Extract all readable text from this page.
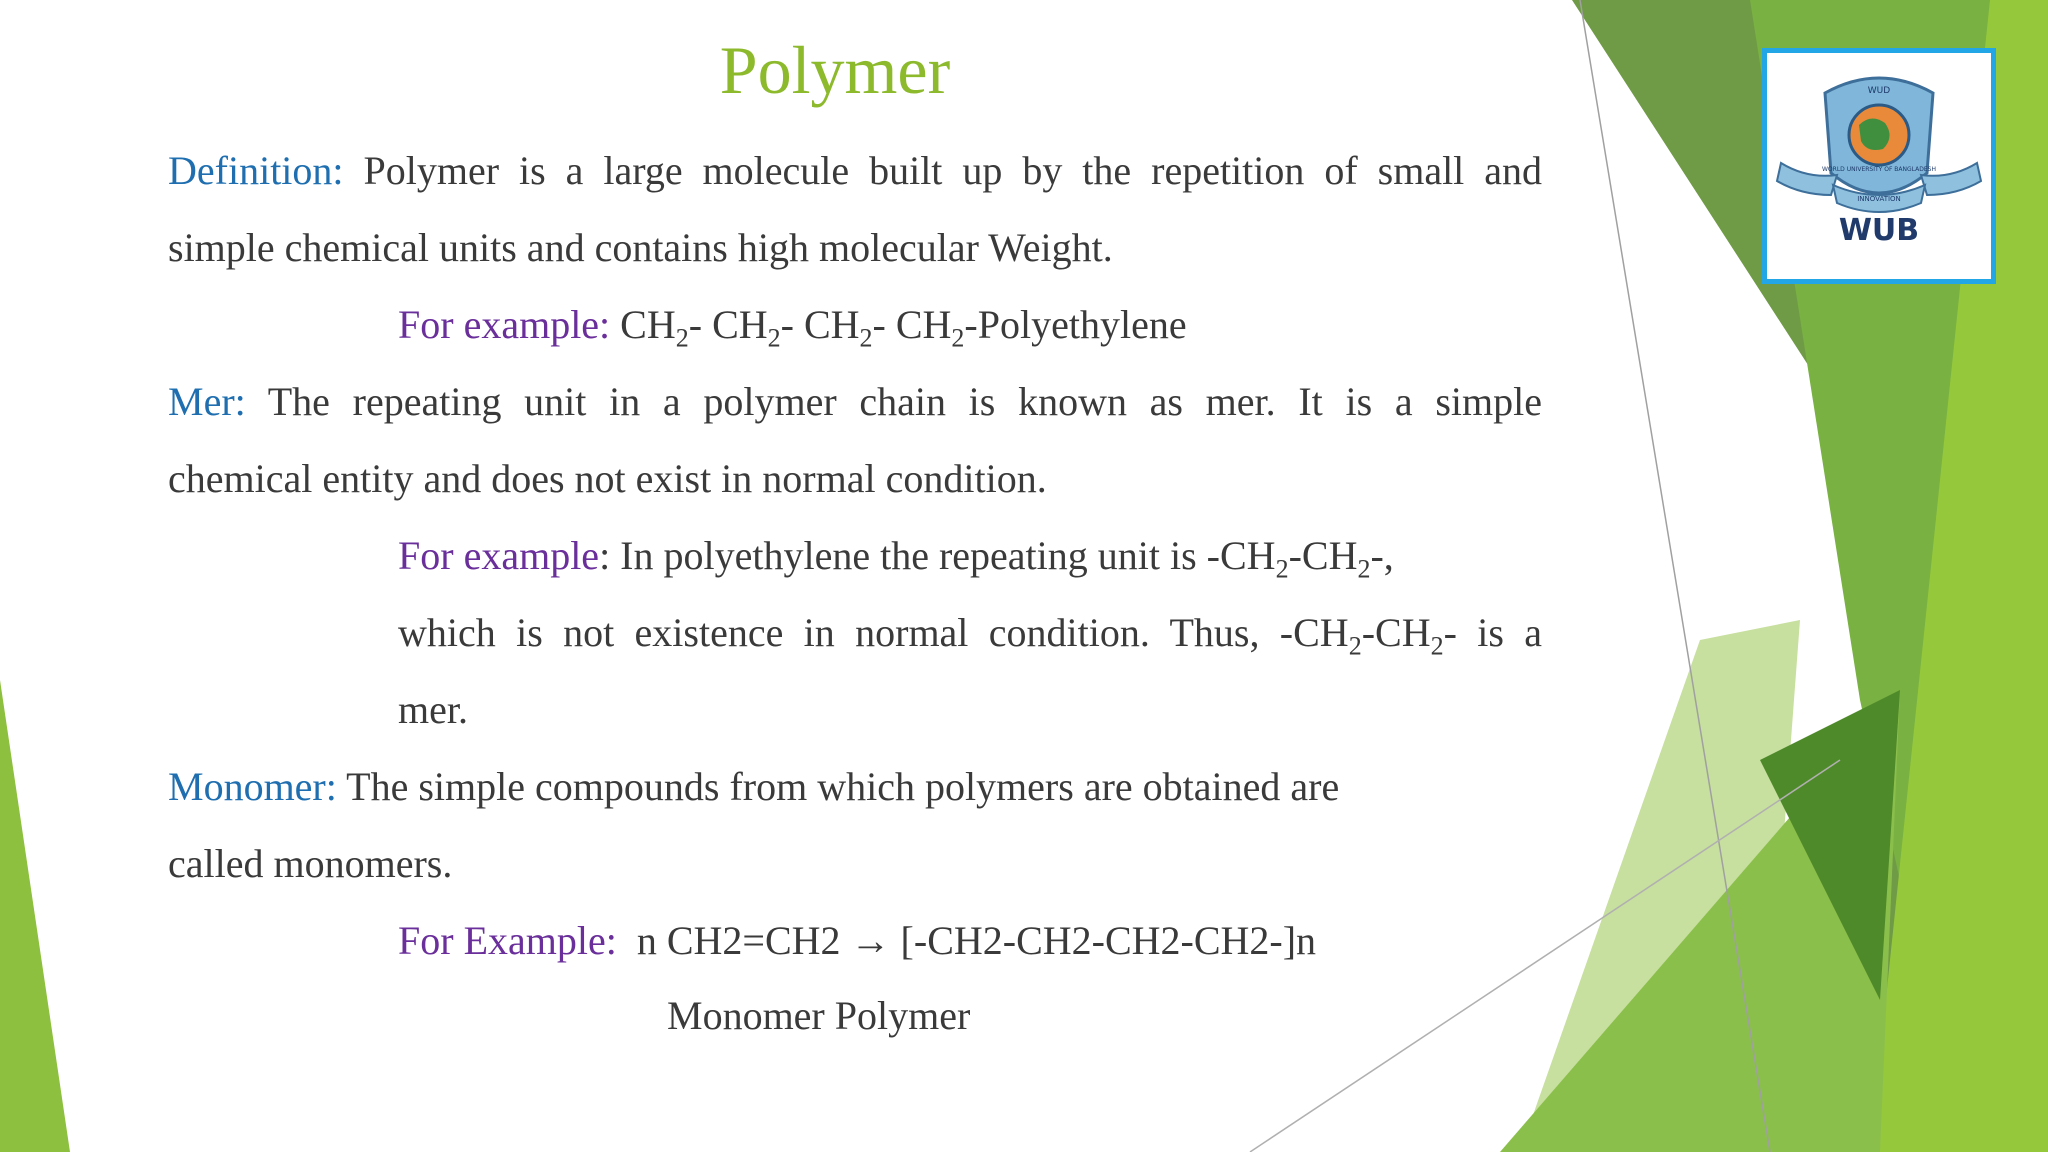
Polymer
Definition: Polymer is a large molecule built up by the repetition of small and
simple chemical units and contains high molecular Weight.
For example: $CH_2-$ $CH_2-$ $CH_2-$ $CH_2$-Polyethylene
Mer: The repeating unit in a polymer chain is known as mer. It is a simple
chemical entity and does not exist in normal condition.
For example: In polyethylene the repeating unit is $-CH_2-CH_2-$,
which is not existence in normal condition. Thus, $-CH_2-CH_2-$ is a
mer.
Monomer: The simple compounds from which polymers are obtained are
called monomers.
For Example: n CH2=CH2 → [-CH2-CH2-CH2-CH2-]n
Monomer Polymer
WUD
WORLD UNIVERSITY OF BANGLADESH
INNOVATION
WUB
